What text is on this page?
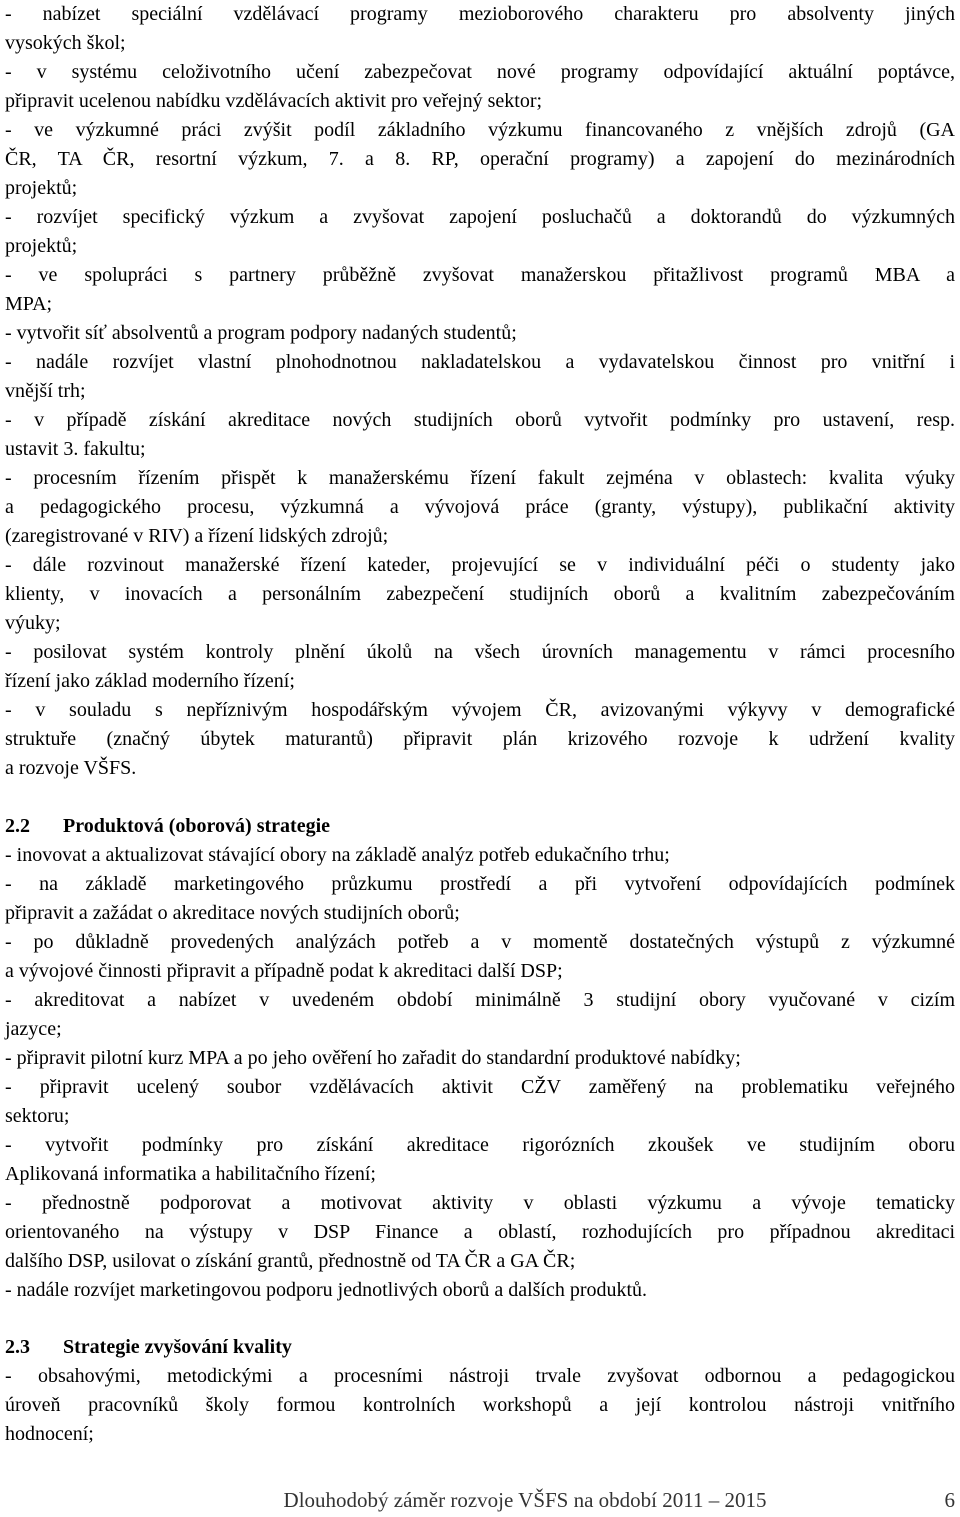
- nabízet speciální vzdělávací programy mezioborového charakteru pro absolventy jiných
vysokých škol;
- v systému celoživotního učení zabezpečovat nové programy odpovídající aktuální poptávce,
připravit ucelenou nabídku vzdělávacích aktivit pro veřejný sektor;
- ve výzkumné práci zvýšit podíl základního výzkumu financovaného z vnějších zdrojů (GA
ČR, TA ČR, resortní výzkum, 7. a 8. RP, operační programy) a zapojení do mezinárodních
projektů;
- rozvíjet specifický výzkum a zvyšovat zapojení posluchačů a doktorandů do výzkumných
projektů;
- ve spolupráci s partnery průběžně zvyšovat manažerskou přitažlivost programů MBA a
MPA;
- vytvořit síť absolventů a program podpory nadaných studentů;
- nadále rozvíjet vlastní plnohodnotnou nakladatelskou a vydavatelskou činnost pro vnitřní i
vnější trh;
- v případě získání akreditace nových studijních oborů vytvořit podmínky pro ustavení, resp.
ustavit 3. fakultu;
- procesním řízením přispět k manažerskému řízení fakult zejména v oblastech: kvalita výuky
a pedagogického procesu, výzkumná a vývojová práce (granty, výstupy), publikační aktivity
(zaregistrované v RIV) a řízení lidských zdrojů;
- dále rozvinout manažerské řízení kateder, projevující se v individuální péči o studenty jako
klienty, v inovacích a personálním zabezpečení studijních oborů a kvalitním zabezpečováním
výuky;
- posilovat systém kontroly plnění úkolů na všech úrovních managementu v rámci procesního
řízení jako základ moderního řízení;
- v souladu s nepříznivým hospodářským vývojem ČR, avizovanými výkyvy v demografické
struktuře (značný úbytek maturantů) připravit plán krizového rozvoje k udržení kvality
a rozvoje VŠFS.
2.2 Produktová (oborová) strategie
- inovovat a aktualizovat stávající obory na základě analýz potřeb edukačního trhu;
- na základě marketingového průzkumu prostředí a při vytvoření odpovídajících podmínek
připravit a zažádat o akreditace nových studijních oborů;
- po důkladně provedených analýzách potřeb a v momentě dostatečných výstupů z výzkumné
a vývojové činnosti připravit a případně podat k akreditaci další DSP;
- akreditovat a nabízet v uvedeném období minimálně 3 studijní obory vyučované v cizím
jazyce;
- připravit pilotní kurz MPA a po jeho ověření ho zařadit do standardní produktové nabídky;
- připravit ucelený soubor vzdělávacích aktivit CŽV zaměřený na problematiku veřejného
sektoru;
- vytvořit podmínky pro získání akreditace rigorózních zkoušek ve studijním oboru
Aplikovaná informatika a habilitačního řízení;
- přednostně podporovat a motivovat aktivity v oblasti výzkumu a vývoje tematicky
orientovaného na výstupy v DSP Finance a oblastí, rozhodujících pro případnou akreditaci
dalšího DSP, usilovat o získání grantů, přednostně od TA ČR a GA ČR;
- nadále rozvíjet marketingovou podporu jednotlivých oborů a dalších produktů.
2.3 Strategie zvyšování kvality
- obsahovými, metodickými a procesními nástroji trvale zvyšovat odbornou a pedagogickou
úroveň pracovníků školy formou kontrolních workshopů a její kontrolou nástroji vnitřního
hodnocení;
Dlouhodobý záměr rozvoje VŠFS na období 2011 – 2015	6
